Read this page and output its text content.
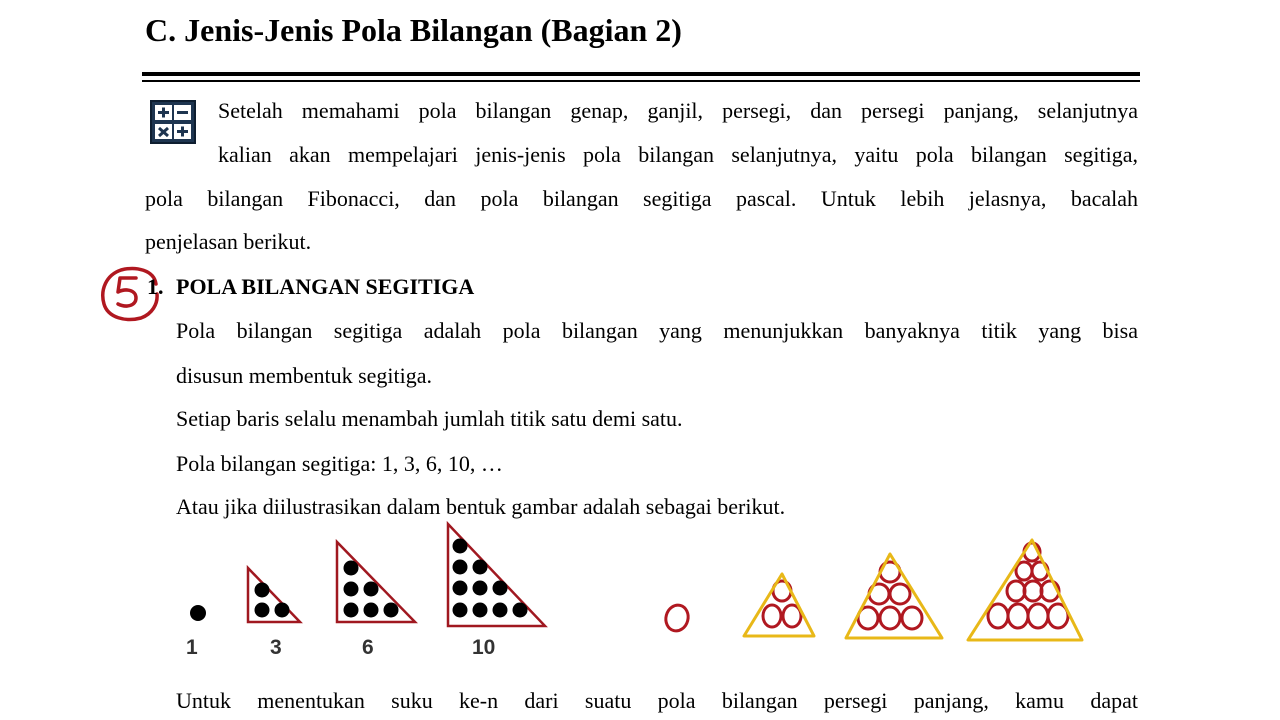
C. Jenis-Jenis Pola Bilangan (Bagian 2)
Setelah memahami pola bilangan genap, ganjil, persegi, dan persegi panjang, selanjutnya
kalian akan mempelajari jenis-jenis pola bilangan selanjutnya, yaitu pola bilangan segitiga,
pola bilangan Fibonacci, dan pola bilangan segitiga pascal. Untuk lebih jelasnya, bacalah
penjelasan berikut.
1. POLA BILANGAN SEGITIGA
Pola bilangan segitiga adalah pola bilangan yang menunjukkan banyaknya titik yang bisa
disusun membentuk segitiga.
Setiap baris selalu menambah jumlah titik satu demi satu.
Pola bilangan segitiga: 1, 3, 6, 10, …
Atau jika diilustrasikan dalam bentuk gambar adalah sebagai berikut.
1	3	6	10
Untuk menentukan suku ke-n dari suatu pola bilangan persegi panjang, kamu dapat
